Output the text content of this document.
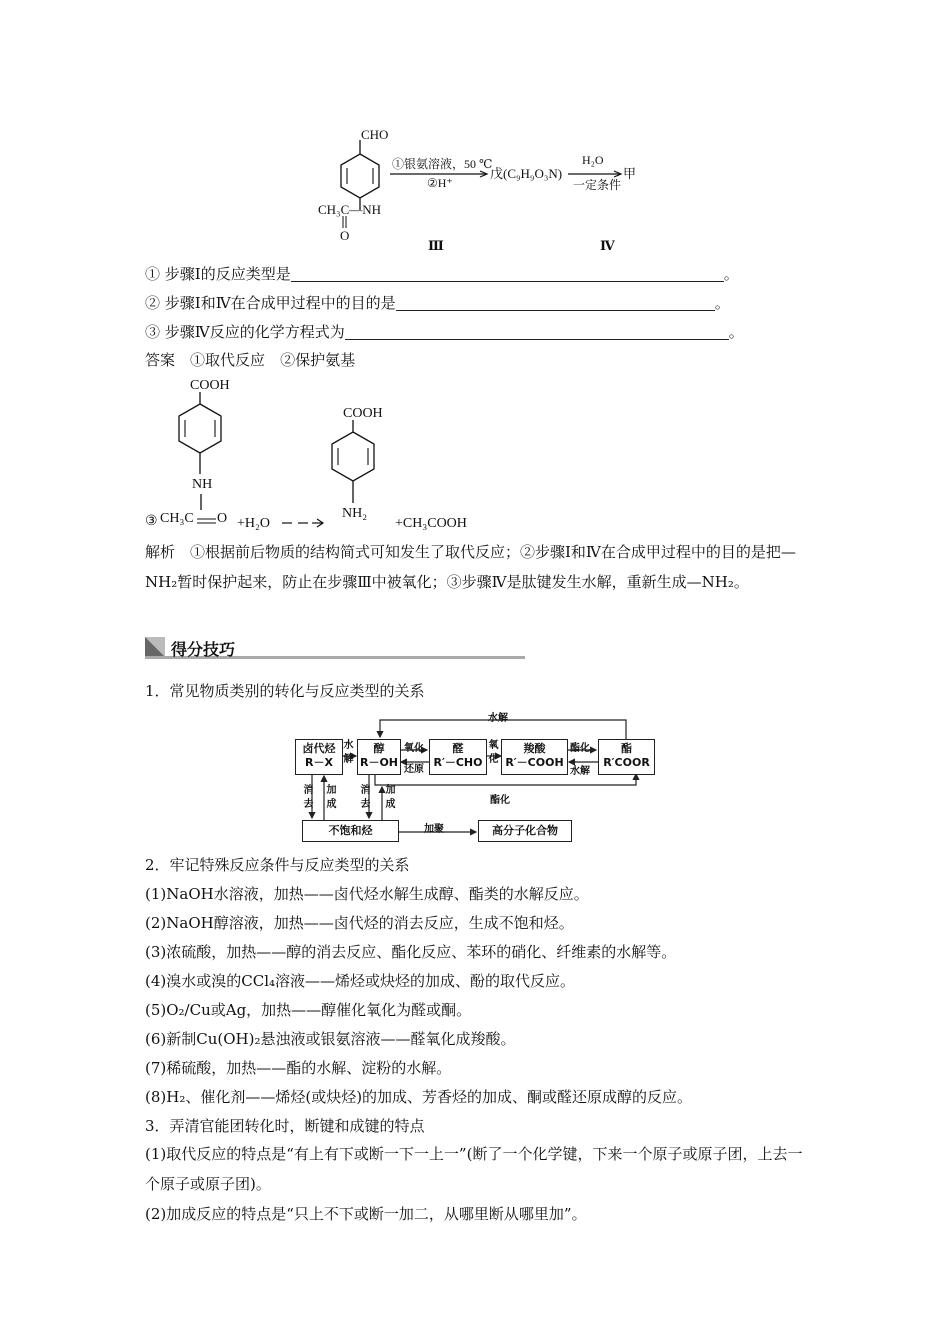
CHO
CH₃C—NH
O
①银氨溶液，50 ℃
②H⁺
戊(C₉H₉O₃N)
H₂O
一定条件
甲
Ⅲ	Ⅳ
① 步骤Ⅰ的反应类型是	。
② 步骤Ⅰ和Ⅳ在合成甲过程中的目的是	。
③ 步骤Ⅳ反应的化学方程式为	。
答案　 ①取代反应　 ②保护氨基
COOH
NH
③ CH₃C O +H₂O
COOH
NH₂
+CH₃COOH
解析　①根据前后物质的结构简式可知发生了取代反应；②步骤Ⅰ和Ⅳ在合成甲过程中的目的是把—NH₂暂时保护起来，防止在步骤Ⅲ中被氧化；③步骤Ⅳ是肽键发生水解，重新生成—NH₂。
得分技巧
1．常见物质类别的转化与反应类型的关系
水解
卤代烃
R－X
水解
醇
R－OH
氧化
还原
醛
R′－CHO
氧化
羧酸
R′－COOH
酯化
水解
酯
R′COOR
酯化
消去
加成
消去
加成
不饱和烃	加聚	高分子化合物
2．牢记特殊反应条件与反应类型的关系
(1)NaOH水溶液，加热——卤代烃水解生成醇、酯类的水解反应。
(2)NaOH醇溶液，加热——卤代烃的消去反应，生成不饱和烃。
(3)浓硫酸，加热——醇的消去反应、酯化反应、苯环的硝化、纤维素的水解等。
(4)溴水或溴的CCl₄溶液——烯烃或炔烃的加成、酚的取代反应。
(5)O₂/Cu或Ag，加热——醇催化氧化为醛或酮。
(6)新制Cu(OH)₂悬浊液或银氨溶液——醛氧化成羧酸。
(7)稀硫酸，加热——酯的水解、淀粉的水解。
(8)H₂、催化剂——烯烃(或炔烃)的加成、芳香烃的加成、酮或醛还原成醇的反应。
3．弄清官能团转化时，断键和成键的特点
(1)取代反应的特点是“有上有下或断一下一上一”(断了一个化学键，下来一个原子或原子团，上去一个原子或原子团)。
(2)加成反应的特点是“只上不下或断一加二，从哪里断从哪里加”。
